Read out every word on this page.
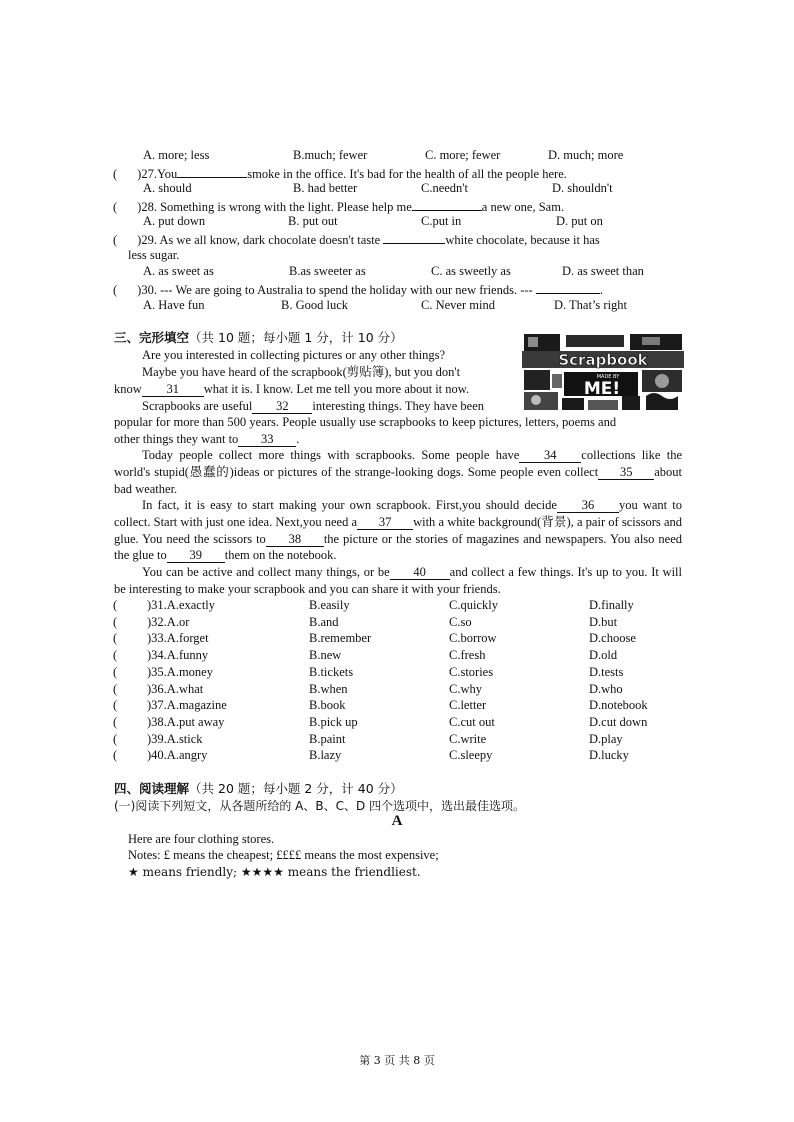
A. more; less	B.much; fewer	C. more; fewer	D. much; more
( )27.You	smoke in the office. It's bad for the health of all the people here.
A. should	B. had better	C.needn't	D. shouldn't
( )28. Something is wrong with the light. Please help me	a new one, Sam.
A. put down	B. put out	C.put in	D. put on
( )29. As we all know, dark chocolate doesn't taste	white chocolate, because it has
less sugar.
A. as sweet as	B.as sweeter as	C. as sweetly as	D. as sweet than
( )30. --- We are going to Australia to spend the holiday with our new friends. ---	.
A. Have fun	B. Good luck	C. Never mind	D. That’s right
三、完形填空（共 10 题；每小题 1 分，计 10 分）
Scrapbook
MADE BY
ME!
Are you interested in collecting pictures or any other things?
Maybe you have heard of the scrapbook(剪贴簿), but you don't
know 31 what it is. I know. Let me tell you more about it now.
Scrapbooks are useful 32 interesting things. They have been
popular for more than 500 years. People usually use scrapbooks to keep pictures, letters, poems and
other things they want to 33 .
Today people collect more things with scrapbooks. Some people have 34 collections like the world's stupid(愚蠢的)ideas or pictures of the strange-looking dogs. Some people even collect 35 about bad weather.
In fact, it is easy to start making your own scrapbook. First,you should decide 36 you want to collect. Start with just one idea. Next,you need a 37 with a white background(背景), a pair of scissors and glue. You need the scissors to 38 the picture or the stories of magazines and newspapers. You also need the glue to 39 them on the notebook.
You can be active and collect many things, or be 40 and collect a few things. It's up to you. It will be interesting to make your scrapbook and you can share it with your friends.
( )31.A.exactly	B.easily	C.quickly	D.finally
( )32.A.or	B.and	C.so	D.but
( )33.A.forget	B.remember	C.borrow	D.choose
( )34.A.funny	B.new	C.fresh	D.old
( )35.A.money	B.tickets	C.stories	D.tests
( )36.A.what	B.when	C.why	D.who
( )37.A.magazine	B.book	C.letter	D.notebook
( )38.A.put away	B.pick up	C.cut out	D.cut down
( )39.A.stick	B.paint	C.write	D.play
( )40.A.angry	B.lazy	C.sleepy	D.lucky
四、阅读理解（共 20 题；每小题 2 分，计 40 分）
(一)阅读下列短文，从各题所给的 A、B、C、D 四个选项中，选出最佳选项。
A
Here are four clothing stores.
Notes: £ means the cheapest; ££££ means the most expensive;
★ means friendly; ★★★★ means the friendliest.
第 3 页 共 8 页
